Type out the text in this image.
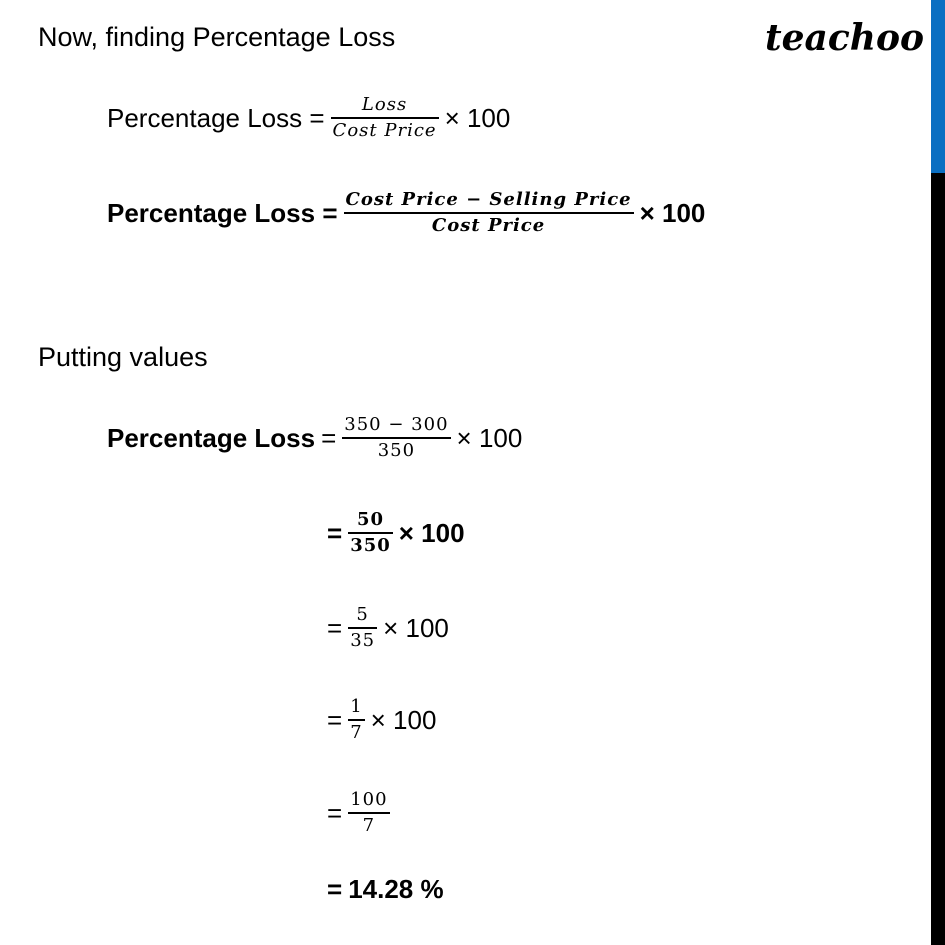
teachoo
Now, finding Percentage Loss
Percentage Loss = $\frac{\text{Loss}}{\text{Cost Price}} \times 100$
Percentage Loss = $\frac{\text{Cost Price − Selling Price}}{\text{Cost Price}} \times 100$
Putting values
Percentage Loss = $\frac{350 - 300}{350} \times 100$
= $\frac{50}{350} \times 100$
= $\frac{5}{35} \times 100$
= $\frac{1}{7} \times 100$
= $\frac{100}{7}$
= 14.28 %
